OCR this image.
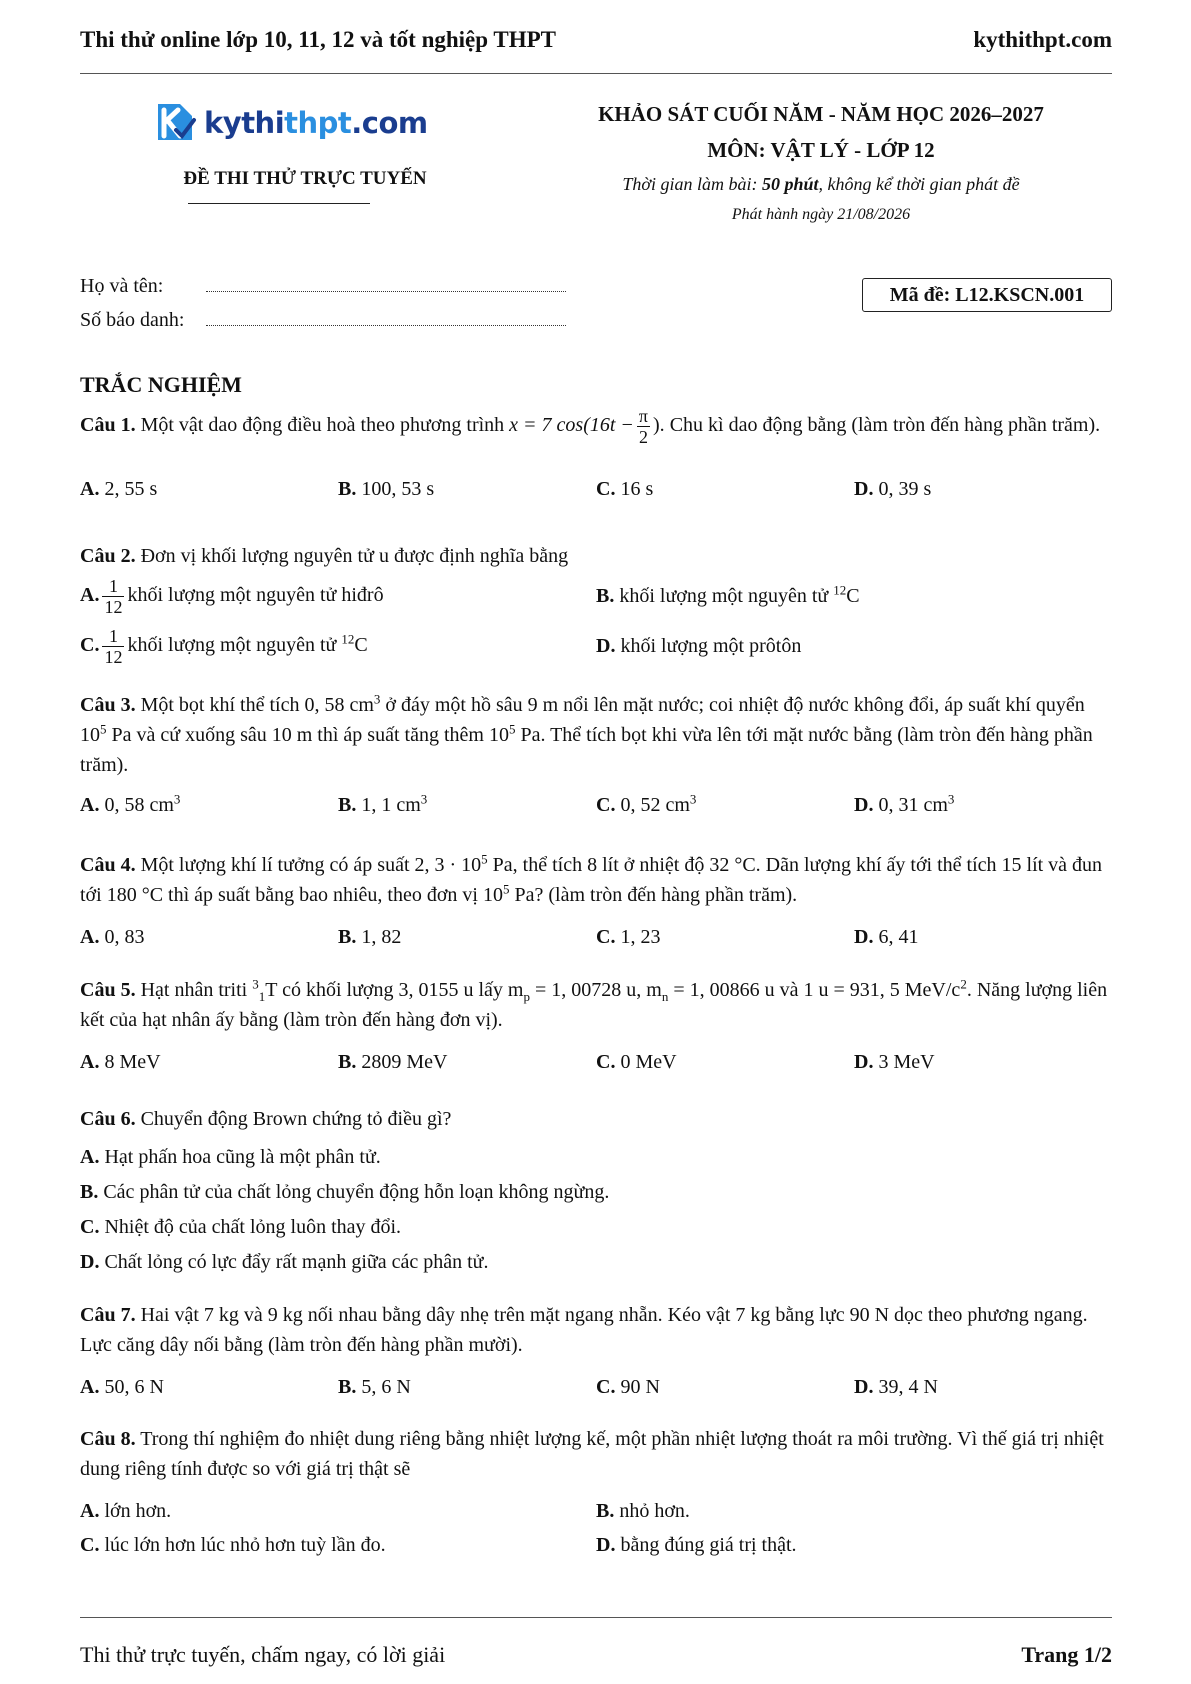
Thi thử online lớp 10, 11, 12 và tốt nghiệp THPT	kythithpt.com
kythithpt.com
ĐỀ THI THỬ TRỰC TUYẾN
KHẢO SÁT CUỐI NĂM - NĂM HỌC 2026–2027
MÔN: VẬT LÝ - LỚP 12
Thời gian làm bài: 50 phút, không kể thời gian phát đề
Phát hành ngày 21/08/2026
Họ và tên:
Số báo danh:
Mã đề: L12.KSCN.001
TRẮC NGHIỆM
Câu 1. Một vật dao động điều hoà theo phương trình x = 7 $\cos(16t - \frac{\pi}{2}$ ). Chu kì dao động bằng (làm tròn đến hàng phần trăm).
A. 2, 55 s	B. 100, 53 s	C. 16 s	D. 0, 39 s
Câu 2. Đơn vị khối lượng nguyên tử u được định nghĩa bằng
A. $\frac{1}{12}$ khối lượng một nguyên tử hiđrô	B. khối lượng một nguyên tử $^{12}$C
C. $\frac{1}{12}$ khối lượng một nguyên tử $^{12}$C	D. khối lượng một prôtôn
Câu 3. Một bọt khí thể tích 0, 58 $cm^3$ ở đáy một hồ sâu 9 m nổi lên mặt nước; coi nhiệt độ nước không đổi, áp suất khí quyển $10^5$ Pa và cứ xuống sâu 10 m thì áp suất tăng thêm $10^5$ Pa. Thể tích bọt khi vừa lên tới mặt nước bằng (làm tròn đến hàng phần trăm).
A. 0, 58 $cm^3$	B. 1, 1 $cm^3$	C. 0, 52 $cm^3$	D. 0, 31 $cm^3$
Câu 4. Một lượng khí lí tưởng có áp suất 2, $3 \cdot 10^5$ Pa, thể tích 8 lít ở nhiệt độ 32 °C. Dãn lượng khí ấy tới thể tích 15 lít và đun tới 180 °C thì áp suất bằng bao nhiêu, theo đơn vị $10^5$ Pa? (làm tròn đến hàng phần trăm).
A. 0, 83	B. 1, 82	C. 1, 23	D. 6, 41
Câu 5. Hạt nhân triti $^3_1$T có khối lượng 3, 0155 u lấy $m_p = 1$, 00728 u, $m_n = 1$, 00866 u và 1 u = 931, 5 MeV/$c^2$. Năng lượng liên kết của hạt nhân ấy bằng (làm tròn đến hàng đơn vị).
A. 8 MeV	B. 2809 MeV	C. 0 MeV	D. 3 MeV
Câu 6. Chuyển động Brown chứng tỏ điều gì?
A. Hạt phấn hoa cũng là một phân tử.
B. Các phân tử của chất lỏng chuyển động hỗn loạn không ngừng.
C. Nhiệt độ của chất lỏng luôn thay đổi.
D. Chất lỏng có lực đẩy rất mạnh giữa các phân tử.
Câu 7. Hai vật 7 kg và 9 kg nối nhau bằng dây nhẹ trên mặt ngang nhẵn. Kéo vật 7 kg bằng lực 90 N dọc theo phương ngang. Lực căng dây nối bằng (làm tròn đến hàng phần mười).
A. 50, 6 N	B. 5, 6 N	C. 90 N	D. 39, 4 N
Câu 8. Trong thí nghiệm đo nhiệt dung riêng bằng nhiệt lượng kế, một phần nhiệt lượng thoát ra môi trường. Vì thế giá trị nhiệt dung riêng tính được so với giá trị thật sẽ
A. lớn hơn.	B. nhỏ hơn.
C. lúc lớn hơn lúc nhỏ hơn tuỳ lần đo.	D. bằng đúng giá trị thật.
Thi thử trực tuyến, chấm ngay, có lời giải	Trang 1/2
